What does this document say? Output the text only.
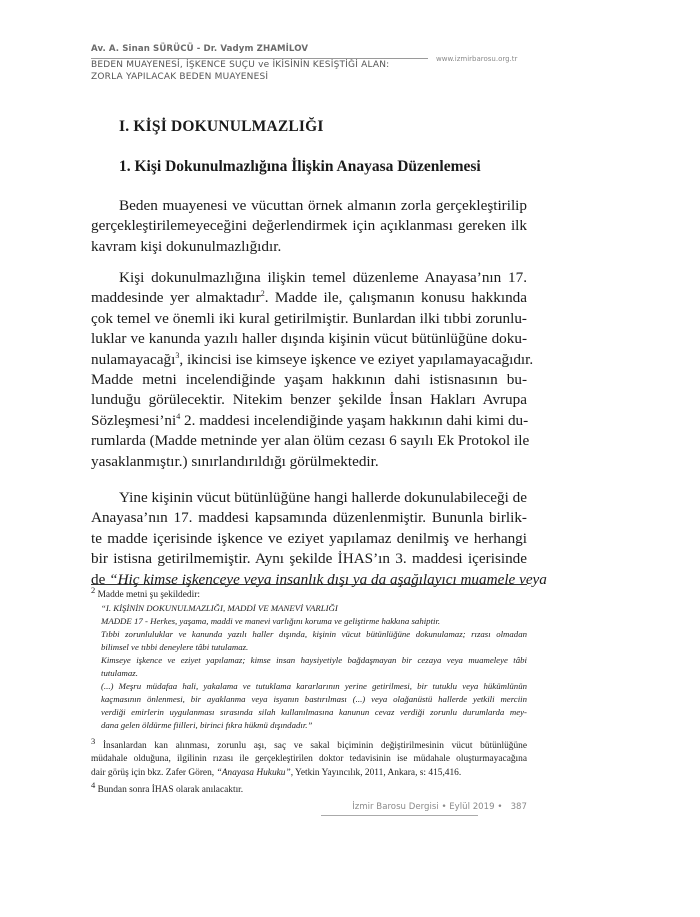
Av. A. Sinan SÜRÜCÜ - Dr. Vadym ZHAMİLOV
BEDEN MUAYENESİ, İŞKENCE SUÇU ve İKİSİNİN KESİŞTİĞİ ALAN:
ZORLA YAPILACAK BEDEN MUAYENESİ
www.izmirbarosu.org.tr
I. KİŞİ DOKUNULMAZLIĞI
1. Kişi Dokunulmazlığına İlişkin Anayasa Düzenlemesi
Beden muayenesi ve vücuttan örnek almanın zorla gerçekleştirilip
gerçekleştirilemeyeceğini değerlendirmek için açıklanması gereken ilk
kavram kişi dokunulmazlığıdır.
Kişi dokunulmazlığına ilişkin temel düzenleme Anayasa’nın 17.
maddesinde yer almaktadır$^2$. Madde ile, çalışmanın konusu hakkında
çok temel ve önemli iki kural getirilmiştir. Bunlardan ilki tıbbi zorunlu-
luklar ve kanunda yazılı haller dışında kişinin vücut bütünlüğüne doku-
nulamayacağı$^3$, ikincisi ise kimseye işkence ve eziyet yapılamayacağıdır.
Madde metni incelendiğinde yaşam hakkının dahi istisnasının bu-
lunduğu görülecektir. Nitekim benzer şekilde İnsan Hakları Avrupa
$Sözleşmesi’ni^4$ 2. maddesi incelendiğinde yaşam hakkının dahi kimi du-
rumlarda (Madde metninde yer alan ölüm cezası 6 sayılı Ek Protokol ile
yasaklanmıştır.) sınırlandırıldığı görülmektedir.
Yine kişinin vücut bütünlüğüne hangi hallerde dokunulabileceği de
Anayasa’nın 17. maddesi kapsamında düzenlenmiştir. Bununla birlik-
te madde içerisinde işkence ve eziyet yapılamaz denilmiş ve herhangi
bir istisna getirilmemiştir. Aynı şekilde İHAS’ın 3. maddesi içerisinde
de “Hiç kimse işkenceye veya insanlık dışı ya da aşağılayıcı muamele veya
$^2$ Madde metni şu şekildedir:
“I. KİŞİNİN DOKUNULMAZLIĞI, MADDİ VE MANEVİ VARLIĞI
MADDE 17 - Herkes, yaşama, maddi ve manevi varlığını koruma ve geliştirme hakkına sahiptir.
Tıbbi zorunluluklar ve kanunda yazılı haller dışında, kişinin vücut bütünlüğüne dokunulamaz; rızası olmadan
bilimsel ve tıbbi deneylere tâbi tutulamaz.
Kimseye işkence ve eziyet yapılamaz; kimse insan haysiyetiyle bağdaşmayan bir cezaya veya muameleye tâbi
tutulamaz.
(...) Meşru müdafaa hali, yakalama ve tutuklama kararlarının yerine getirilmesi, bir tutuklu veya hükümlünün
kaçmasının önlenmesi, bir ayaklanma veya isyanın bastırılması (...) veya olağanüstü hallerde yetkili merciin
verdiği emirlerin uygulanması sırasında silah kullanılmasına kanunun cevaz verdiği zorunlu durumlarda mey-
dana gelen öldürme fiilleri, birinci fıkra hükmü dışındadır.”
$^3$ İnsanlardan kan alınması, zorunlu aşı, saç ve sakal biçiminin değiştirilmesinin vücut bütünlüğüne
müdahale olduğuna, ilgilinin rızası ile gerçekleştirilen doktor tedavisinin ise müdahale oluşturmayacağına
dair görüş için bkz. Zafer Gören, “Anayasa Hukuku”, Yetkin Yayıncılık, 2011, Ankara, s: 415,416.
$^4$ Bundan sonra İHAS olarak anılacaktır.
İzmir Barosu Dergisi • Eylül 2019 • 387
